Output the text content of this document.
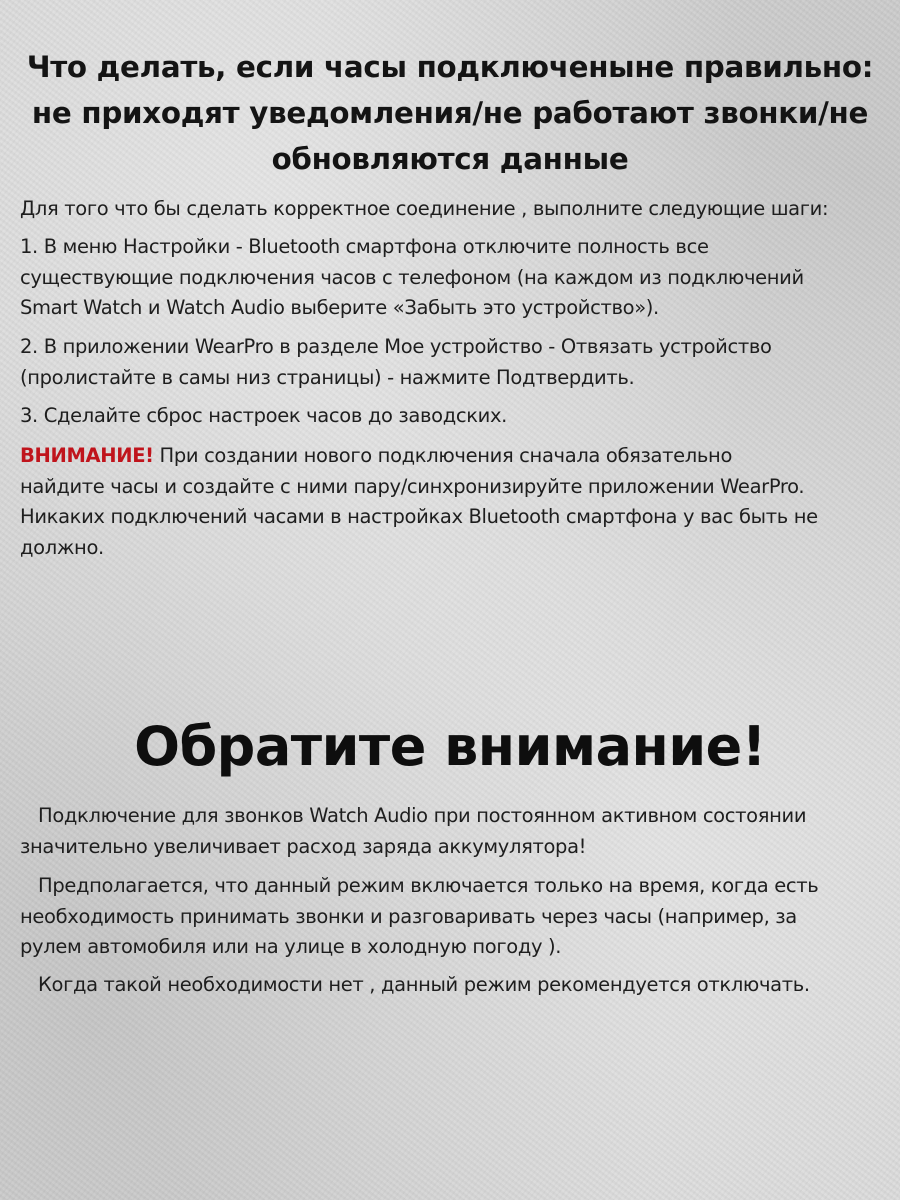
Что делать, если часы подключеныне правильно:
не приходят уведомления/не работают звонки/не
обновляются данные
Для того что бы сделать корректное соединение , выполните следующие шаги:
1. В меню Настройки - Bluetooth смартфона отключите полность все
существующие подключения часов с телефоном (на каждом из подключений
Smart Watch и Watch Audio выберите «Забыть это устройство»).
2. В приложении WearPro в разделе Мое устройство - Отвязать устройство
(пролистайте в самы низ страницы) - нажмите Подтвердить.
3. Сделайте сброс настроек часов до заводских.
ВНИМАНИЕ! При создании нового подключения сначала обязательно
найдите часы и создайте с ними пару/синхронизируйте приложении WearPro.
Никаких подключений часами в настройках Bluetooth смартфона у вас быть не
должно.
Обратите внимание!
Подключение для звонков Watch Audio при постоянном активном состоянии
значительно увеличивает расход заряда аккумулятора!
Предполагается, что данный режим включается только на время, когда есть
необходимость принимать звонки и разговаривать через часы (например, за
рулем автомобиля или на улице в холодную погоду ).
Когда такой необходимости нет , данный режим рекомендуется отключать.
